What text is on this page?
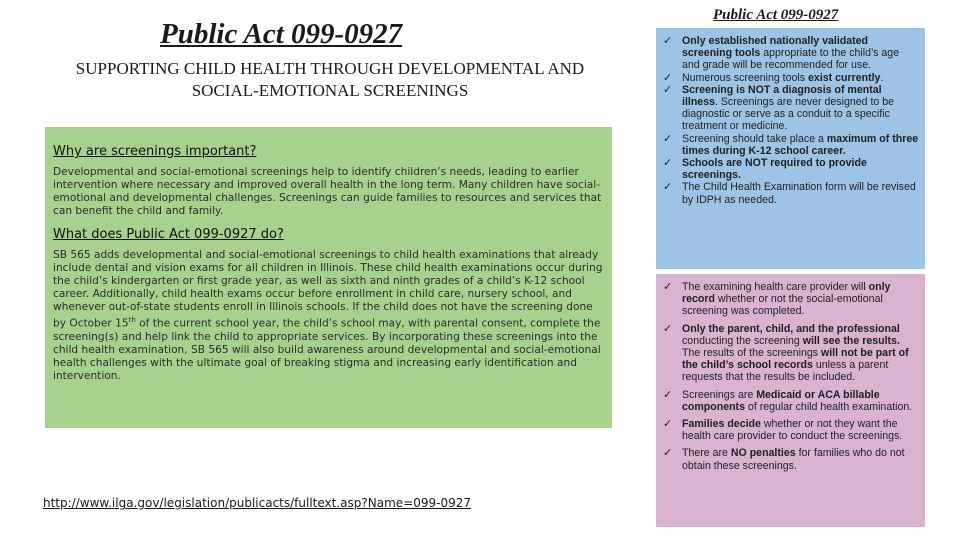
Public Act 099-0927
SUPPORTING CHILD HEALTH THROUGH DEVELOPMENTAL AND
SOCIAL-EMOTIONAL SCREENINGS
Why are screenings important?

Developmental and social-emotional screenings help to identify children’s needs, leading to earlier intervention where necessary and improved overall health in the long term. Many children have social-emotional and developmental challenges. Screenings can guide families to resources and services that can benefit the child and family.

What does Public Act 099-0927 do?

SB 565 adds developmental and social-emotional screenings to child health examinations that already include dental and vision exams for all children in Illinois. These child health examinations occur during the child’s kindergarten or first grade year, as well as sixth and ninth grades of a child’s K-12 school career. Additionally, child health exams occur before enrollment in child care, nursery school, and whenever out-of-state students enroll in Illinois schools. If the child does not have the screening done by October 15th of the current school year, the child’s school may, with parental consent, complete the screening(s) and help link the child to appropriate services. By incorporating these screenings into the child health examination, SB 565 will also build awareness around developmental and social-emotional health challenges with the ultimate goal of breaking stigma and increasing early identification and intervention.

http://www.ilga.gov/legislation/publicacts/fulltext.asp?Name=099-0927
Public Act 099-0927
✓ Only established nationally validated screening tools appropriate to the child’s age and grade will be recommended for use.
✓ Numerous screening tools exist currently.
✓ Screening is NOT a diagnosis of mental illness. Screenings are never designed to be diagnostic or serve as a conduit to a specific treatment or medicine.
✓ Screening should take place a maximum of three times during K-12 school career.
✓ Schools are NOT required to provide screenings.
✓ The Child Health Examination form will be revised by IDPH as needed.
✓ The examining health care provider will only record whether or not the social-emotional screening was completed.
✓ Only the parent, child, and the professional conducting the screening will see the results. The results of the screenings will not be part of the child’s school records unless a parent requests that the results be included.
✓ Screenings are Medicaid or ACA billable components of regular child health examination.
✓ Families decide whether or not they want the health care provider to conduct the screenings.
✓ There are NO penalties for families who do not obtain these screenings.
